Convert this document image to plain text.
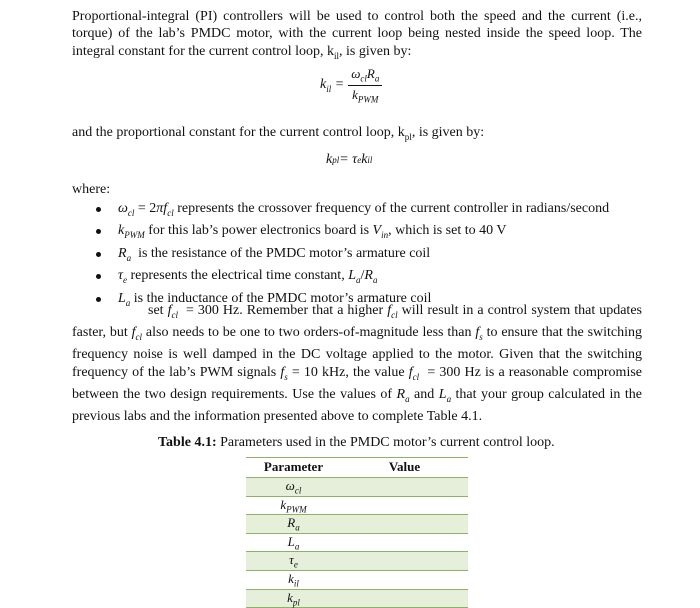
Proportional-integral (PI) controllers will be used to control both the speed and the current (i.e., torque) of the lab’s PMDC motor, with the current loop being nested inside the speed loop. The integral constant for the current control loop, $k_{il}$, is given by:

$k_{il} = \frac{\omega_{cl}R_a}{k_{PWM}}$

and the proportional constant for the current control loop, $k_{pl}$, is given by:

k pl = τ e k il
where:
$\omega_{cl} = 2\pi f_{cl}$ represents the crossover frequency of the current controller in radians/second
$k_{PWM}$ for this lab’s power electronics board is $V_{in}$, which is set to 40 V
$R_a$  is the resistance of the PMDC motor’s armature coil
$\tau_e$ represents the electrical time constant, $L_a/R_a$
$L_a$ is the inductance of the PMDC motor’s armature coil

set $f_{cl} = 300$ Hz. Remember that a higher $f_{cl}$ will result in a control system that updates faster, but $f_{cl}$ also needs to be one to two orders-of-magnitude less than $f_s$ to ensure that the switching frequency noise is well damped in the DC voltage applied to the motor. Given that the switching frequency of the lab’s PWM signals $f_s = 10$ kHz, the value $f_{cl} = 300$ Hz is a reasonable compromise between the two design requirements. Use the values of $R_a$ and $L_a$ that your group calculated in the previous labs and the information presented above to complete Table 4.1.

Table 4.1: Parameters used in the PMDC motor’s current control loop.
Parameter	Value
$\omega_{cl}$	
$k_{PWM}$	
$R_a$	
$L_a$	
$\tau_e$	
$k_{il}$	
$k_{pl}$	
